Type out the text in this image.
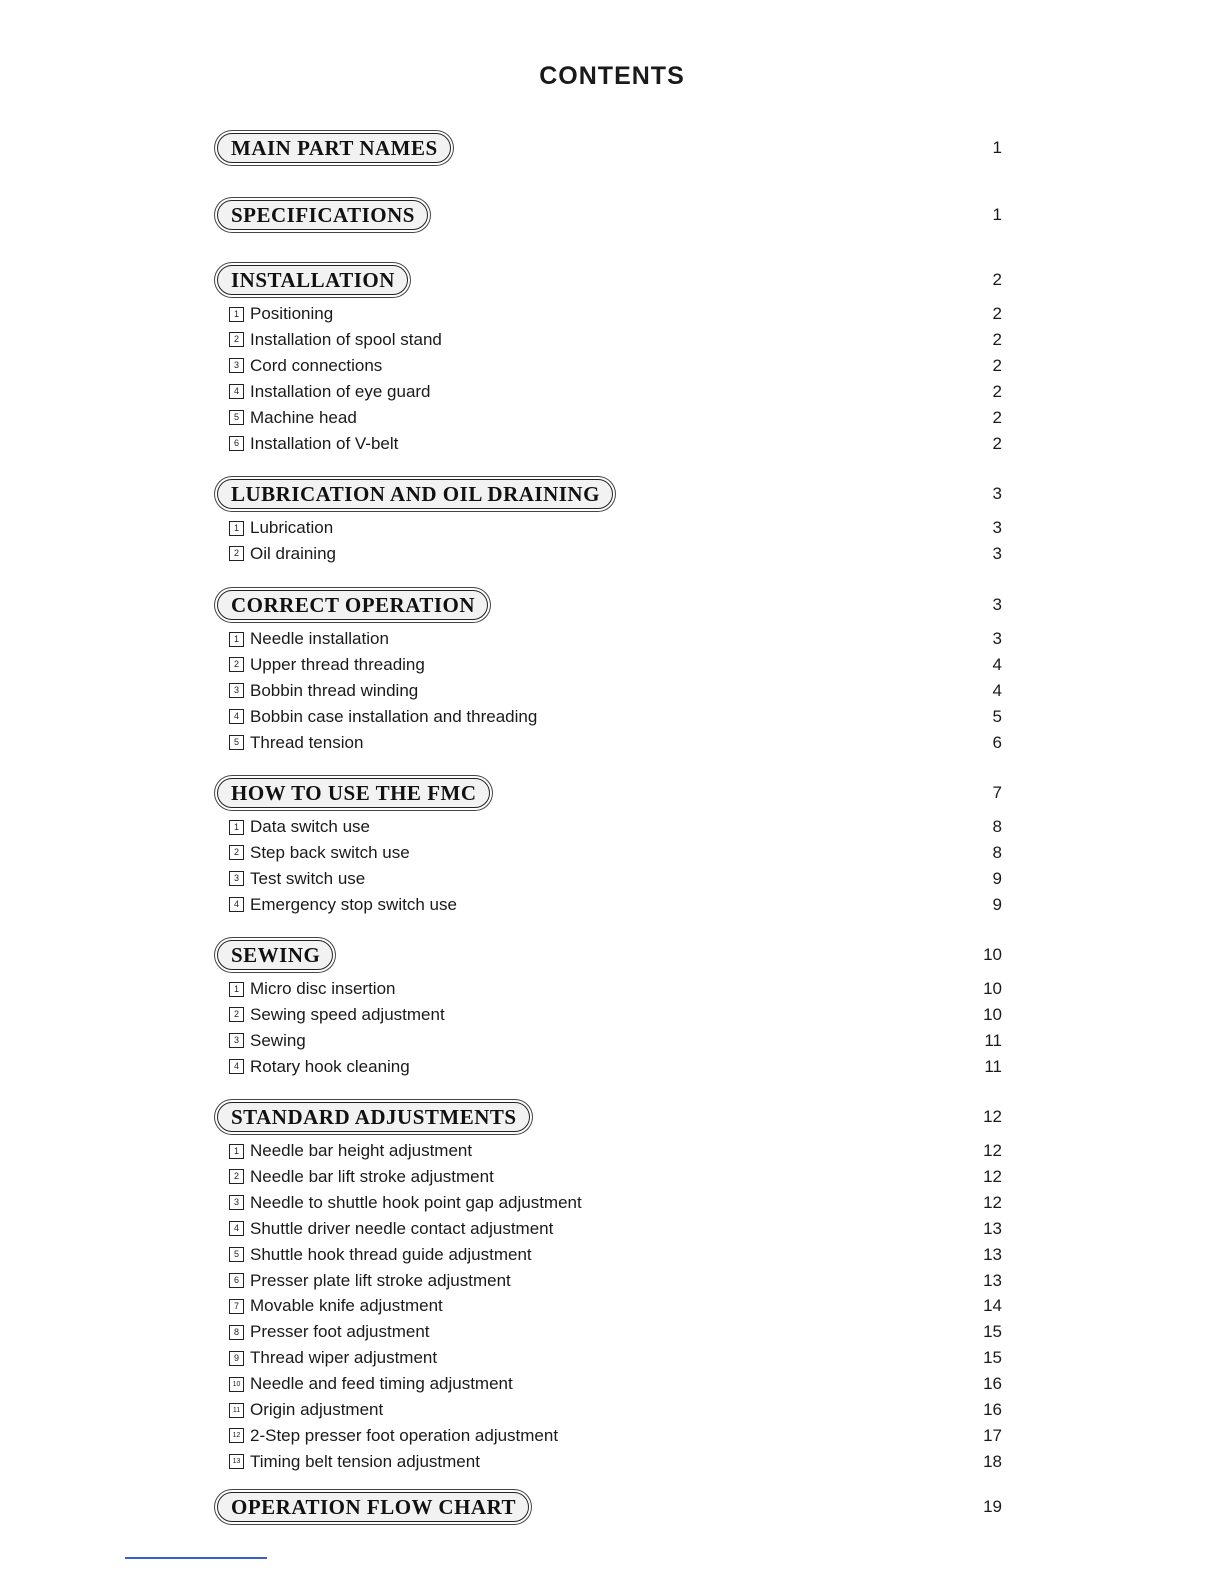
CONTENTS
MAIN PART NAMES	1
SPECIFICATIONS	1
INSTALLATION	2
1 Positioning	2
2 Installation of spool stand	2
3 Cord connections	2
4 Installation of eye guard	2
5 Machine head	2
6 Installation of V-belt	2
LUBRICATION AND OIL DRAINING	3
1 Lubrication	3
2 Oil draining	3
CORRECT OPERATION	3
1 Needle installation	3
2 Upper thread threading	4
3 Bobbin thread winding	4
4 Bobbin case installation and threading	5
5 Thread tension	6
HOW TO USE THE FMC	7
1 Data switch use	8
2 Step back switch use	8
3 Test switch use	9
4 Emergency stop switch use	9
SEWING	10
1 Micro disc insertion	10
2 Sewing speed adjustment	10
3 Sewing	11
4 Rotary hook cleaning	11
STANDARD ADJUSTMENTS	12
1 Needle bar height adjustment	12
2 Needle bar lift stroke adjustment	12
3 Needle to shuttle hook point gap adjustment	12
4 Shuttle driver needle contact adjustment	13
5 Shuttle hook thread guide adjustment	13
6 Presser plate lift stroke adjustment	13
7 Movable knife adjustment	14
8 Presser foot adjustment	15
9 Thread wiper adjustment	15
10 Needle and feed timing adjustment	16
11 Origin adjustment	16
12 2-Step presser foot operation adjustment	17
13 Timing belt tension adjustment	18
OPERATION FLOW CHART	19
